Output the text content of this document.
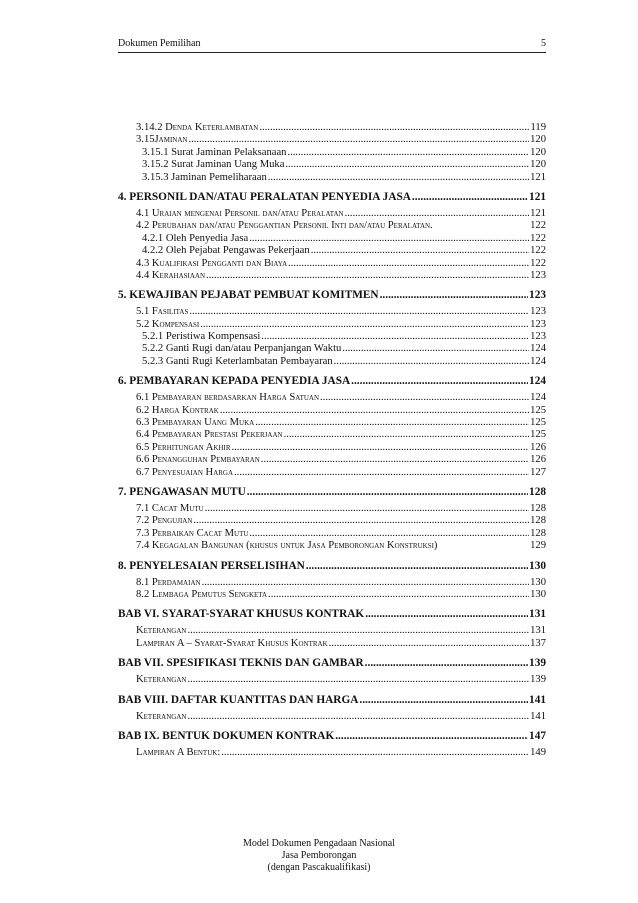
Dokumen Pemilihan	5
3.14.2 Denda Keterlambatan .....	119
3.15Jaminan .....	120
3.15.1 Surat Jaminan Pelaksanaan .....	120
3.15.2 Surat Jaminan Uang Muka .....	120
3.15.3 Jaminan Pemeliharaan .....	121
4. PERSONIL DAN/ATAU PERALATAN PENYEDIA JASA .....	121
4.1 Uraian mengenai Personil dan/atau Peralatan .....	121
4.2 Perubahan dan/atau Penggantian Personil Inti dan/atau Peralatan.	122
4.2.1 Oleh Penyedia Jasa .....	122
4.2.2 Oleh Pejabat Pengawas Pekerjaan .....	122
4.3 Kualifikasi Pengganti dan Biaya .....	122
4.4 Kerahasiaan .....	123
5. KEWAJIBAN PEJABAT PEMBUAT KOMITMEN .....	123
5.1 Fasilitas .....	123
5.2 Kompensasi .....	123
5.2.1 Peristiwa Kompensasi .....	123
5.2.2 Ganti Rugi dan/atau Perpanjangan Waktu .....	124
5.2.3 Ganti Rugi Keterlambatan Pembayaran .....	124
6. PEMBAYARAN KEPADA PENYEDIA JASA .....	124
6.1 Pembayaran berdasarkan Harga Satuan .....	124
6.2 Harga Kontrak .....	125
6.3 Pembayaran Uang Muka .....	125
6.4 Pembayaran Prestasi Pekerjaan .....	125
6.5 Perhitungan Akhir .....	126
6.6 Penangguhan Pembayaran .....	126
6.7 Penyesuaian Harga .....	127
7. PENGAWASAN MUTU .....	128
7.1 Cacat Mutu .....	128
7.2 Pengujian .....	128
7.3 Perbaikan Cacat Mutu .....	128
7.4 Kegagalan Bangunan (khusus untuk Jasa Pemborongan Konstruksi)	129
8. PENYELESAIAN PERSELISIHAN .....	130
8.1 Perdamaian .....	130
8.2 Lembaga Pemutus Sengketa .....	130
BAB VI. SYARAT-SYARAT KHUSUS KONTRAK .....	131
Keterangan .....	131
Lampiran A – Syarat-Syarat Khusus Kontrak .....	137
BAB VII. SPESIFIKASI TEKNIS DAN GAMBAR .....	139
Keterangan .....	139
BAB VIII. DAFTAR KUANTITAS DAN HARGA .....	141
Keterangan .....	141
BAB IX. BENTUK DOKUMEN KONTRAK .....	147
Lampiran A Bentuk: .....	149
Model Dokumen Pengadaan Nasional
Jasa Pemborongan
(dengan Pascakualifikasi)
